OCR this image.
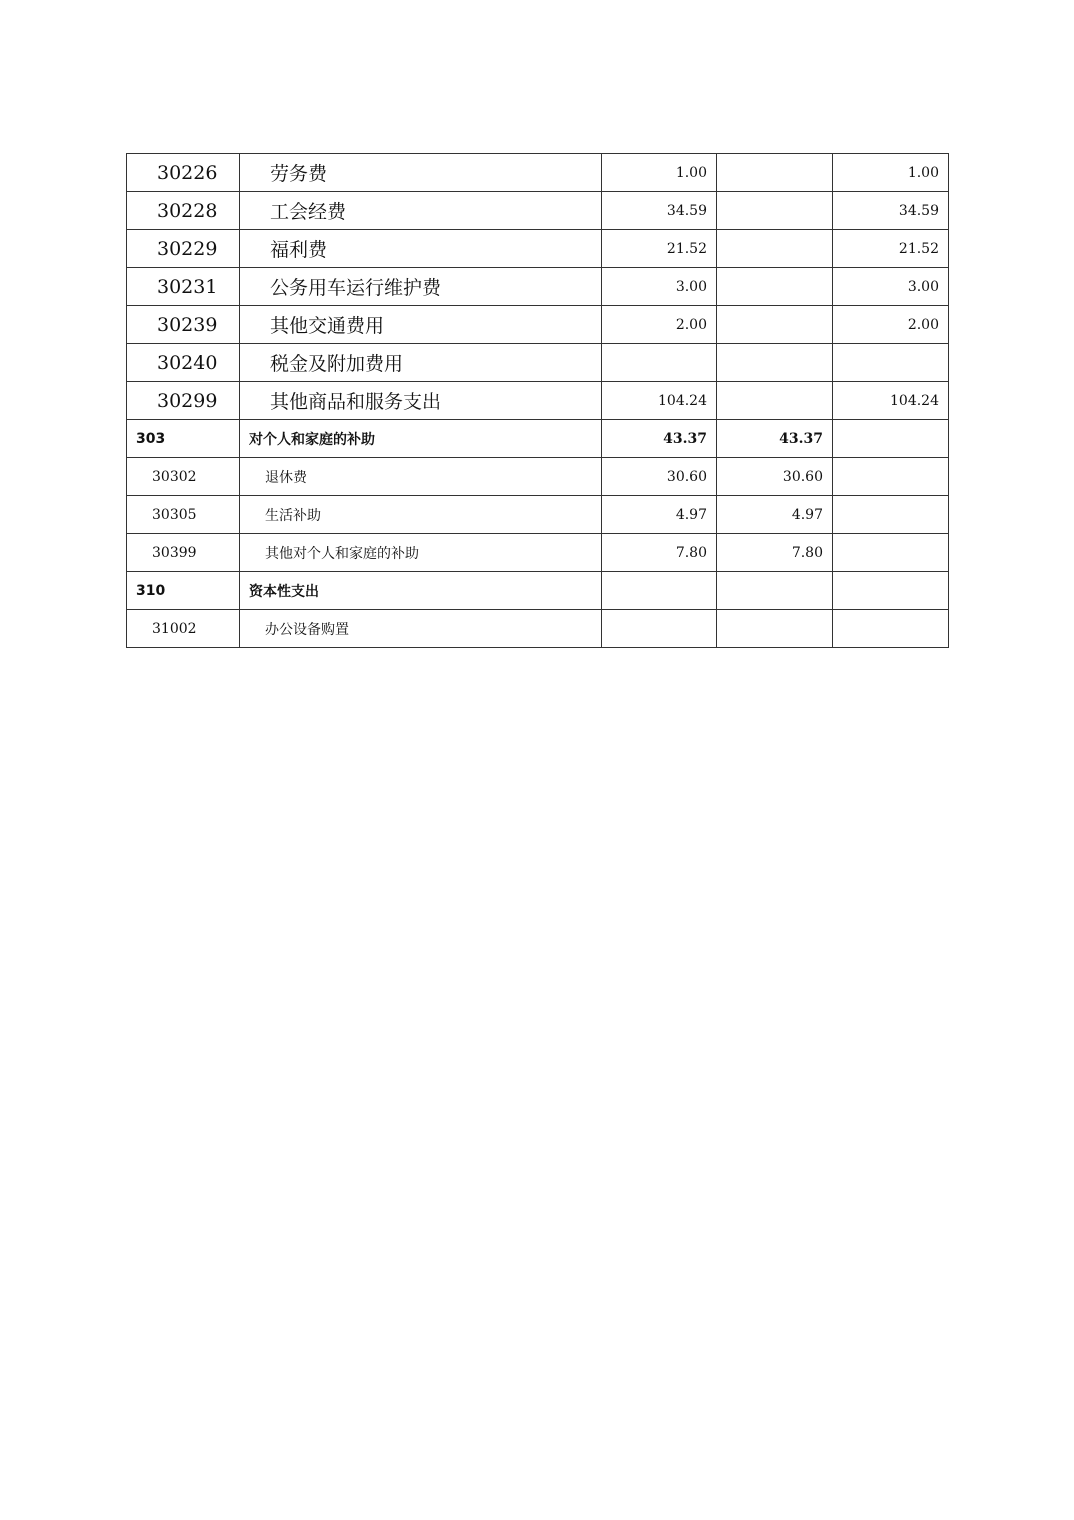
30226	劳务费	1.00		1.00
30228	工会经费	34.59		34.59
30229	福利费	21.52		21.52
30231	公务用车运行维护费	3.00		3.00
30239	其他交通费用	2.00		2.00
30240	税金及附加费用			
30299	其他商品和服务支出	104.24		104.24
303	对个人和家庭的补助	43.37	43.37	
30302	退休费	30.60	30.60	
30305	生活补助	4.97	4.97	
30399	其他对个人和家庭的补助	7.80	7.80	
310	资本性支出			
31002	办公设备购置			
